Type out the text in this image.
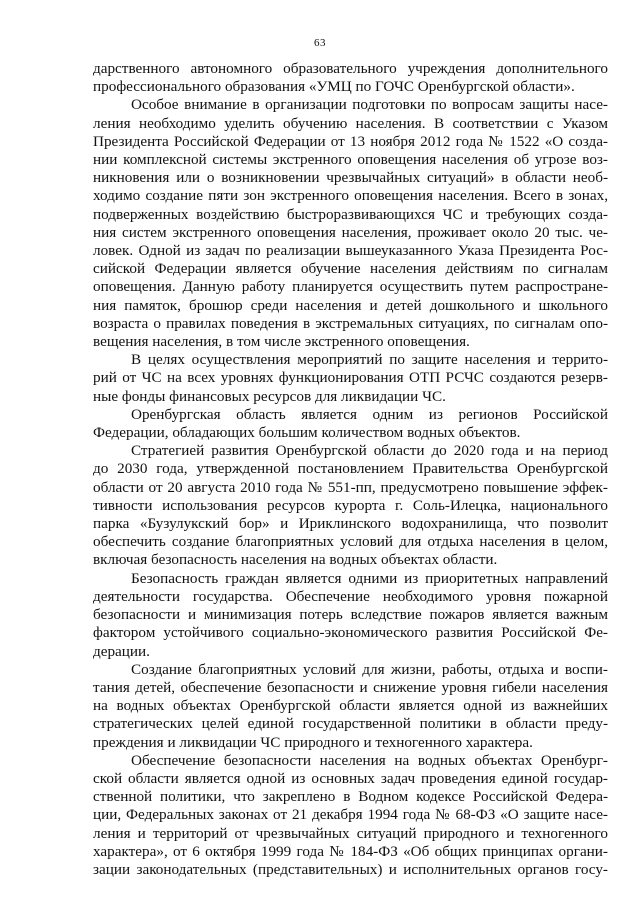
63
дарственного автономного образовательного учреждения дополнительного
профессионального образования «УМЦ по ГОЧС Оренбургской области».
Особое внимание в организации подготовки по вопросам защиты насе-
ления необходимо уделить обучению населения. В соответствии с Указом
Президента Российской Федерации от 13 ноября 2012 года № 1522 «О созда-
нии комплексной системы экстренного оповещения населения об угрозе воз-
никновения или о возникновении чрезвычайных ситуаций» в области необ-
ходимо создание пяти зон экстренного оповещения населения. Всего в зонах,
подверженных воздействию быстроразвивающихся ЧС и требующих созда-
ния систем экстренного оповещения населения, проживает около 20 тыс. че-
ловек. Одной из задач по реализации вышеуказанного Указа Президента Рос-
сийской Федерации является обучение населения действиям по сигналам
оповещения. Данную работу планируется осуществить путем распростране-
ния памяток, брошюр среди населения и детей дошкольного и школьного
возраста о правилах поведения в экстремальных ситуациях, по сигналам опо-
вещения населения, в том числе экстренного оповещения.
В целях осуществления мероприятий по защите населения и террито-
рий от ЧС на всех уровнях функционирования ОТП РСЧС создаются резерв-
ные фонды финансовых ресурсов для ликвидации ЧС.
Оренбургская область является одним из регионов Российской
Федерации, обладающих большим количеством водных объектов.
Стратегией развития Оренбургской области до 2020 года и на период
до 2030 года, утвержденной постановлением Правительства Оренбургской
области от 20 августа 2010 года № 551-пп, предусмотрено повышение эффек-
тивности использования ресурсов курорта г. Соль-Илецка, национального
парка «Бузулукский бор» и Ириклинского водохранилища, что позволит
обеспечить создание благоприятных условий для отдыха населения в целом,
включая безопасность населения на водных объектах области.
Безопасность граждан является одними из приоритетных направлений
деятельности государства. Обеспечение необходимого уровня пожарной
безопасности и минимизация потерь вследствие пожаров является важным
фактором устойчивого социально-экономического развития Российской Фе-
дерации.
Создание благоприятных условий для жизни, работы, отдыха и воспи-
тания детей, обеспечение безопасности и снижение уровня гибели населения
на водных объектах Оренбургской области является одной из важнейших
стратегических целей единой государственной политики в области преду-
преждения и ликвидации ЧС природного и техногенного характера.
Обеспечение безопасности населения на водных объектах Оренбург-
ской области является одной из основных задач проведения единой государ-
ственной политики, что закреплено в Водном кодексе Российской Федера-
ции, Федеральных законах от 21 декабря 1994 года № 68-ФЗ «О защите насе-
ления и территорий от чрезвычайных ситуаций природного и техногенного
характера», от 6 октября 1999 года № 184-ФЗ «Об общих принципах органи-
зации законодательных (представительных) и исполнительных органов госу-
